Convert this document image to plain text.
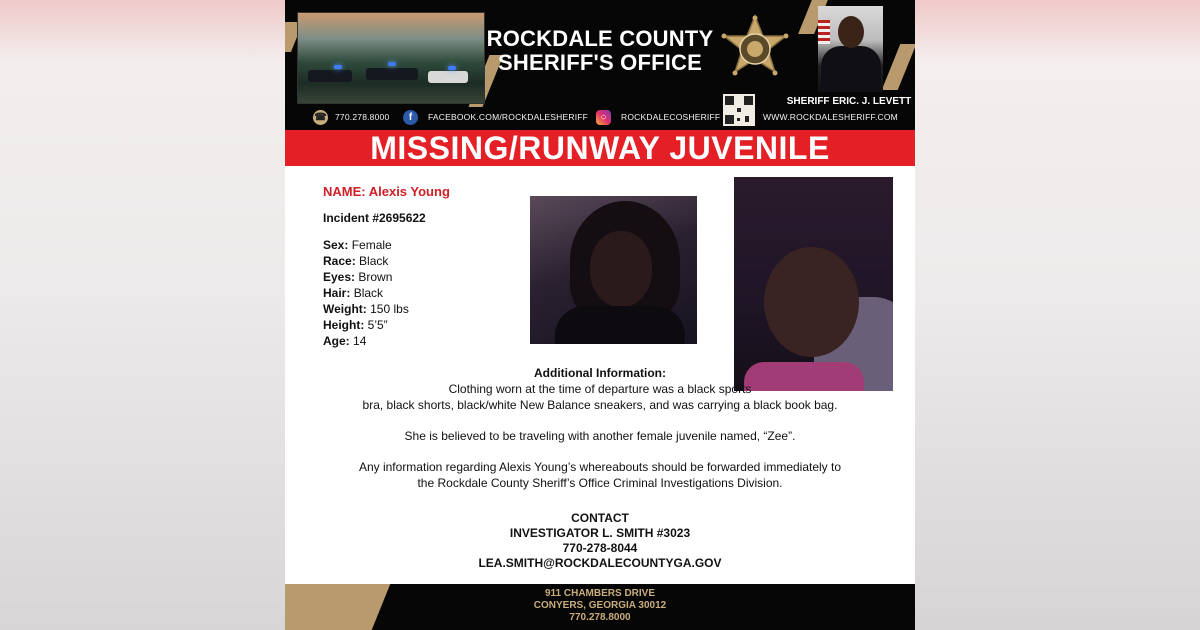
ROCKDALE COUNTY
SHERIFF'S OFFICE
SHERIFF ERIC. J. LEVETT
☎ 770.278.8000	f	FACEBOOK.COM/ROCKDALESHERIFF	○	ROCKDALECOSHERIFF	WWW.ROCKDALESHERIFF.COM
MISSING/RUNWAY JUVENILE
NAME: Alexis Young
Incident #2695622
Sex: Female
Race: Black
Eyes: Brown
Hair: Black
Weight: 150 lbs
Height: 5’5”
Age: 14
Additional Information:
Clothing worn at the time of departure was a black sports
bra, black shorts, black/white New Balance sneakers, and was carrying a black book bag.
She is believed to be traveling with another female juvenile named, “Zee”.
Any information regarding Alexis Young’s whereabouts should be forwarded immediately to
the Rockdale County Sheriff’s Office Criminal Investigations Division.
CONTACT
INVESTIGATOR L. SMITH #3023
770-278-8044
LEA.SMITH@ROCKDALECOUNTYGA.GOV
911 CHAMBERS DRIVE
CONYERS, GEORGIA 30012
770.278.8000
